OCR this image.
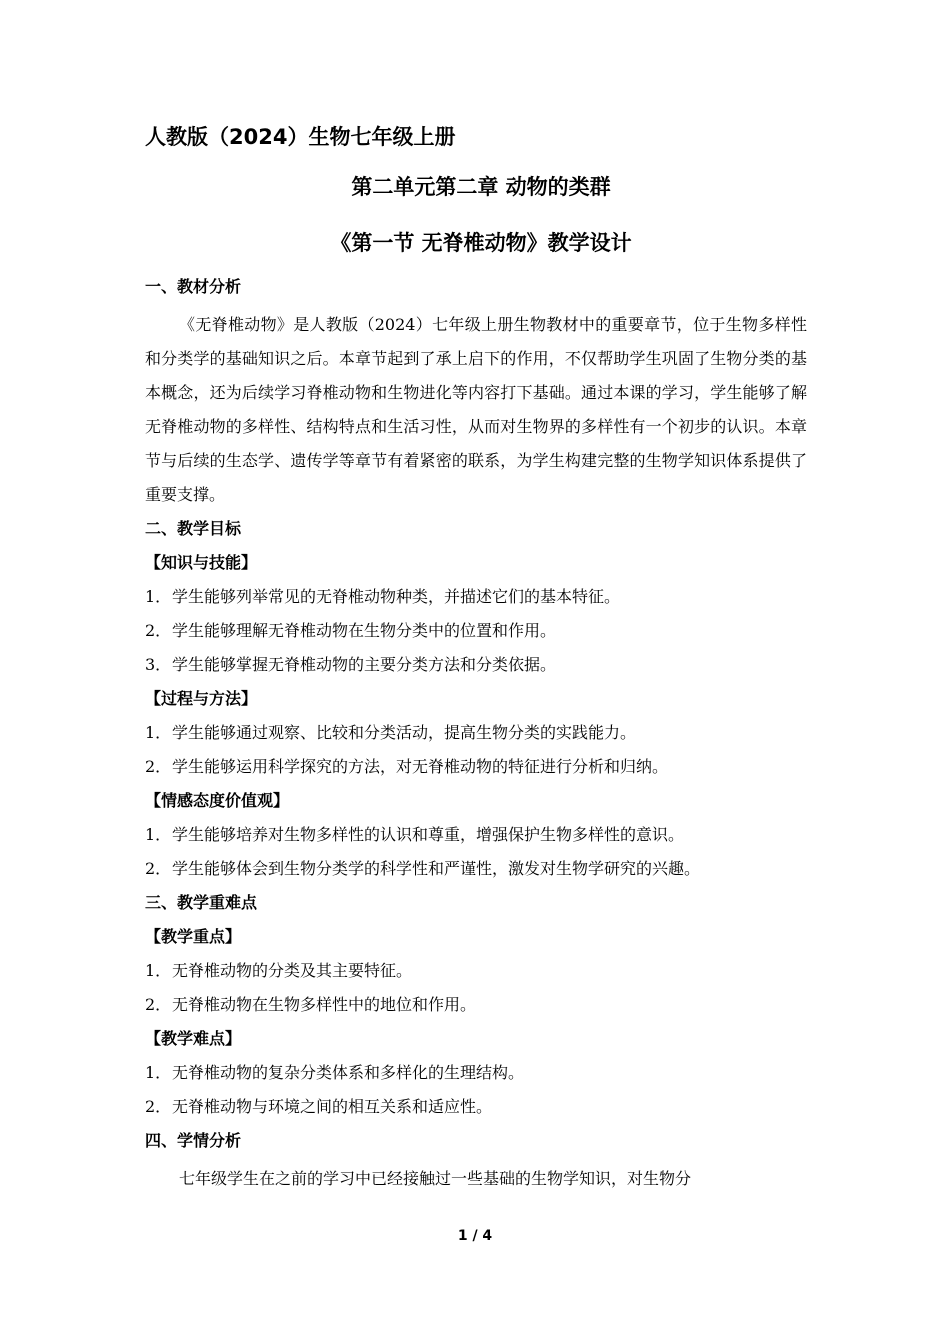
人教版（2024）生物七年级上册
第二单元第二章 动物的类群
《第一节 无脊椎动物》教学设计
一、教材分析
《无脊椎动物》是人教版（2024）七年级上册生物教材中的重要章节，位于生物多样性和分类学的基础知识之后。本章节起到了承上启下的作用，不仅帮助学生巩固了生物分类的基本概念，还为后续学习脊椎动物和生物进化等内容打下基础。通过本课的学习，学生能够了解无脊椎动物的多样性、结构特点和生活习性，从而对生物界的多样性有一个初步的认识。本章节与后续的生态学、遗传学等章节有着紧密的联系，为学生构建完整的生物学知识体系提供了重要支撑。
二、教学目标
【知识与技能】
1．学生能够列举常见的无脊椎动物种类，并描述它们的基本特征。
2．学生能够理解无脊椎动物在生物分类中的位置和作用。
3．学生能够掌握无脊椎动物的主要分类方法和分类依据。
【过程与方法】
1．学生能够通过观察、比较和分类活动，提高生物分类的实践能力。
2．学生能够运用科学探究的方法，对无脊椎动物的特征进行分析和归纳。
【情感态度价值观】
1．学生能够培养对生物多样性的认识和尊重，增强保护生物多样性的意识。
2．学生能够体会到生物分类学的科学性和严谨性，激发对生物学研究的兴趣。
三、教学重难点
【教学重点】
1．无脊椎动物的分类及其主要特征。
2．无脊椎动物在生物多样性中的地位和作用。
【教学难点】
1．无脊椎动物的复杂分类体系和多样化的生理结构。
2．无脊椎动物与环境之间的相互关系和适应性。
四、学情分析
七年级学生在之前的学习中已经接触过一些基础的生物学知识，对生物分
1 / 4
